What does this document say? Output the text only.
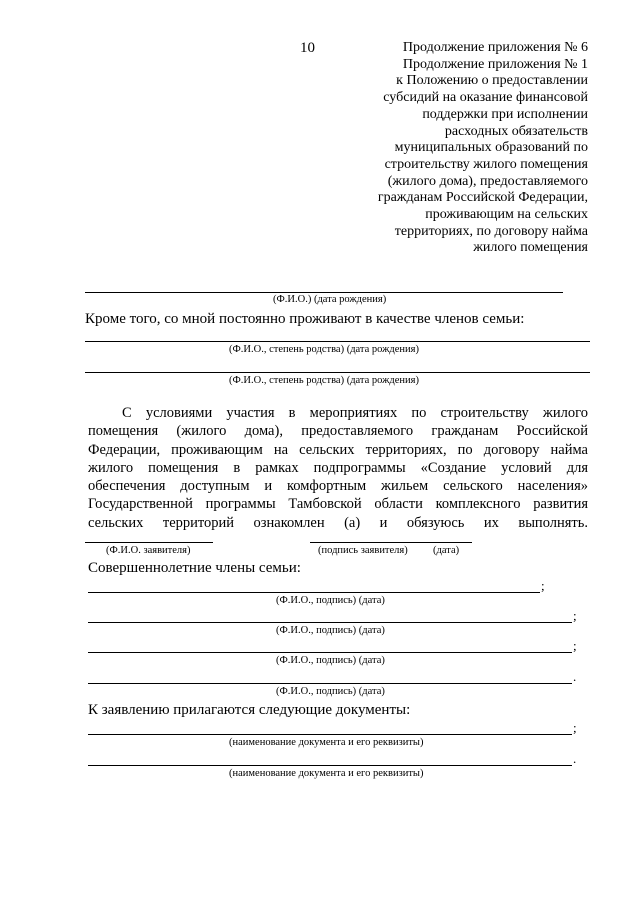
10	Продолжение приложения № 6
Продолжение приложения № 1
к Положению о предоставлении
субсидий на оказание финансовой
поддержки при исполнении
расходных обязательств
муниципальных образований по
строительству жилого помещения
(жилого дома), предоставляемого
гражданам Российской Федерации,
проживающим на сельских
территориях, по договору найма
жилого помещения
(Ф.И.О.) (дата рождения)
Кроме того, со мной постоянно проживают в качестве членов семьи:
(Ф.И.О., степень родства) (дата рождения)
(Ф.И.О., степень родства) (дата рождения)
С условиями участия в мероприятиях по строительству жилого
помещения (жилого дома), предоставляемого гражданам Российской
Федерации, проживающим на сельских территориях, по договору найма
жилого помещения в рамках подпрограммы «Создание условий для
обеспечения доступным и комфортным жильем сельского населения»
Государственной программы Тамбовской области комплексного развития
сельских территорий ознакомлен (а) и обязуюсь их выполнять.
(Ф.И.О. заявителя)	(подпись заявителя) (дата)
Совершеннолетние члены семьи:
;
(Ф.И.О., подпись) (дата)
;
(Ф.И.О., подпись) (дата)
;
(Ф.И.О., подпись) (дата)
.
(Ф.И.О., подпись) (дата)
К заявлению прилагаются следующие документы:
;
(наименование документа и его реквизиты)
.
(наименование документа и его реквизиты)
